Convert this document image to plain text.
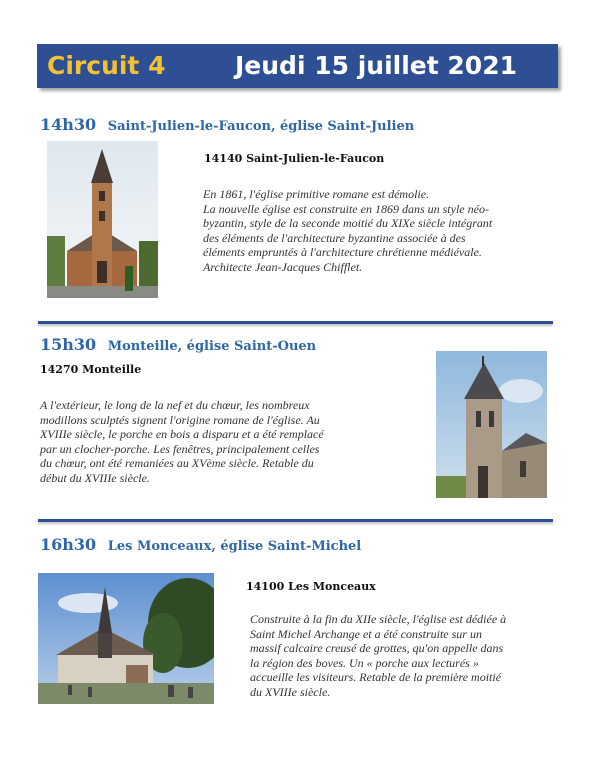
Circuit 4	Jeudi 15 juillet 2021
14h30 Saint-Julien-le-Faucon, église Saint-Julien
14140 Saint-Julien-le-Faucon
En 1861, l'église primitive romane est démolie.
La nouvelle église est construite en 1869 dans un style néo-
byzantin, style de la seconde moitié du XIXe siècle intégrant
des éléments de l'architecture byzantine associée à des
éléments empruntés à l'architecture chrétienne médiévale.
Architecte Jean-Jacques Chifflet.
15h30 Monteille, église Saint-Ouen
14270 Monteille
A l'extérieur, le long de la nef et du chœur, les nombreux
modillons sculptés signent l'origine romane de l'église. Au
XVIIIe siècle, le porche en bois a disparu et a été remplacé
par un clocher-porche. Les fenêtres, principalement celles
du chœur, ont été remaniées au XVème siècle. Retable du
début du XVIIIe siècle.
16h30 Les Monceaux, église Saint-Michel
14100 Les Monceaux
Construite à la fin du XIIe siècle, l'église est dédiée à
Saint Michel Archange et a été construite sur un
massif calcaire creusé de grottes, qu'on appelle dans
la région des boves. Un « porche aux lecturés »
accueille les visiteurs. Retable de la première moitié
du XVIIIe siècle.
